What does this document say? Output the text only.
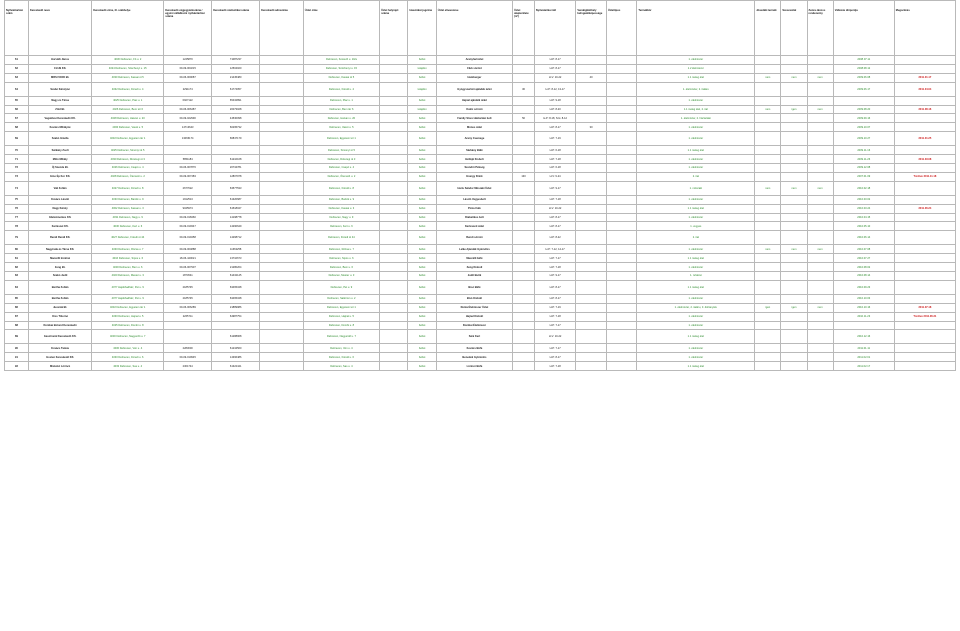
Nyilvántartási szám	Kereskedő neve	Kereskedő címe, ill. székhelye	Kereskedő cégjegyzékszáma / egyéni vállalkozói nyilvántartási száma	Kereskedő statisztikai száma	Kereskedő adószáma	Üzlet címe	Üzlet helyrajzi száma	Használat jogcíme	Üzlet elnevezése	Üzlet alapterülete (m²)	Nyitvatartási idő	Vendéglátóhely befogadóképessége	Üzlettípus	Termékkör	Jövedéki termék	Szeszesital	Zenés-táncos rendezvény	Változás időpontja	Megszűnés
61	Horváth János	4030 Debrecen, Fő u. 2	1245870	71087237		Debrecen, Kossuth u. 10/a		bérlet	Aranyhal üzlet		H-P: 8-17			1. élelmiszer				2008.07.11	
62	CLUB Kft.	4024 Debrecen, Széchenyi u. 15	09-09-003215	12504020		Debrecen, Széchenyi u. 15		tulajdon	Club söröző		H-P: 8-17			1.2 élelmiszer				2008.08.12	
63	MRS FOOD Bt.	4030 Debrecen, Kassai út 5	09-06-009087	21445480		Debrecen, Kassai út 5		bérlet	Hamburger		H-V: 10-22	40		1.1 meleg étel	nem	nem	nem	2009.06.08	2011.01.17
64	Szabó Károlyné	4032 Debrecen, Füredi u. 4	2291174	61774057		Debrecen, Füredi u. 4		tulajdon	Gyógyszertári ajándék üzlet	30	H-P: 8-12, 13-17			1. élelmiszer, 2. italáru				2009.06.17	2011.04.04
65	Nagy és Társa	4025 Debrecen, Piac u. 1	0927122	65432891		Debrecen, Piac u. 1		bérlet	Hajnal ajándék üzlet		H-P: 9-18			1. élelmiszer					
66	Zöld Bt.	4026 Debrecen, Bem tér 6	09-06-006487	20073028		Debrecen, Bem tér 6		tulajdon	Kalóz söröző		H-P: 8-20			1.1 meleg étel, 2. ital	nem	igen	nem	2009.08.20	2011.08.16
67	Vegaldusi Kereskedő Kft.	4028 Debrecen, Hatvan u. 20	09-09-022990	44530098		Debrecen, Hatvan u. 20		bérlet	Family Store Háztartási bolt	50	H-P: 8-18, Szo: 8-12			1. élelmiszer, 2. háztartási				2009.09.16	
68	Kovács Mihályné	4030 Debrecen, Vasút u. 5	14713643	60295732		Debrecen, Vasút u. 5		bérlet	Mónus üzlet		H-P: 8-17	30		1. élelmiszer				2009.10.07	
69	Szabó Gizella	4032 Debrecen, Egyetem tér 1	13066174	66847179		Debrecen, Egyetem tér 1		bérlet	Arany Csemege		H-P: 7-19			1. élelmiszer				2009.10.27	2011.01.25
70	Sárkány Zsolt	4025 Debrecen, Simonyi út 5				Debrecen, Simonyi út 5		bérlet	Sárkány Büfé		H-P: 6-18			1.1 meleg étel				2009.11.16	
71	Mihó Mihály	4030 Debrecen, Diószegi út 3	5851184	61210168		Debrecen, Diószegi út 3		bérlet	Hétfejű Kisbolt		H-P: 7-18			1. élelmiszer				2009.11.26	2011.03.08
72	Új Szende Bt.	4026 Debrecen, Csapó u. 4	09-06-007876	20734781		Debrecen, Csapó u. 4		bérlet	Szendrő Pékség		H-P: 6-18			1. élelmiszer				2009.12.08	
73	Gino Ép Kor Kft.	4028 Debrecen, Ótemető u. 2	09-09-007483	12807978		Debrecen, Ótemető u. 2		bérlet	Energy Drink	130	H-V: 9-24			2. ital				2007.01.09	Törölve 2011.11.18
74	Vali Zoltán	4027 Debrecen, Füredi u. 8	2677622	63577533		Debrecen, Füredi u. 8		bérlet	Haris Sándor Műszaki Üzlet		H-P: 9-17			1. műszaki	nem	nem	nem	2010.02.18	
75	Kovács László	4033 Debrecen, Bartók u. 9	1912513	61320687		Debrecen, Bartók u. 9		bérlet	László Vegyesbolt		H-P: 7-18			1. élelmiszer				2010.03.02	
76	Nagy Károly	4002 Debrecen, Kassai u. 3	9045974	61518047		Debrecen, Kassai u. 3		bérlet	Pizza Cafe		H-V: 10-22			1.1 meleg étel				2010.03.24	2011.06.24
77	Gluténmentes Kft.	4031 Debrecen, Nagy u. 9	09-09-018460	14198778		Debrecen, Nagy u. 9		bérlet	Diabetikus bolt		H-P: 8-17			1. élelmiszer				2010.04.15	
78	Kertészet Kft.	4030 Debrecen, Kert u. 6	09-09-019347	14290649		Debrecen, Kert u. 6		bérlet	Kertészeti üzlet		H-P: 8-17			1. vegyes				2010.05.10	
79	Rendi Rendi Kft.	4027 Debrecen, Füredi út 44	09-09-019458	14268712		Debrecen, Füredi út 44		bérlet	Rendi söröző		H-P: 8-22			2. ital				2010.06.14	
80	Nagyrada és Társa Kft.	4030 Debrecen, Rózsa u. 7	09-09-004888	11663258		Debrecen, Rózsa u. 7		bérlet	Lelke Ajándék Gyümölcs		H-P: 7-12, 14-17			1. élelmiszer	nem	nem	nem	2010.07.08	
81	Maczélli Imrétné	4016 Debrecen, Sipos u. 6	18-06-440021	13710673		Debrecen, Sipos u. 6		bérlet	Maczélli büfé		H-P: 7-17			1.1 meleg étel				2010.07.27	
82	Zeng Bt.	4030 Debrecen, Bem u. 6	09-06-007907	21280204		Debrecen, Bem u. 6		bérlet	Zeng Kisbolt		H-P: 7-18			1. élelmiszer				2010.08.02	
83	Szabó Judit	4020 Debrecen, Mester u. 3	1874541	61432145		Debrecen, Mester u. 3		bérlet	Judit Butik		H-P: 9-17			1. ruházat				2010.08.14	
84	Bertha Zoltán	4077 Hajdúhadház, Pet u. 9	2185745	63465348		Debrecen, Pet u. 9		bérlet	Bisó Büfé		H-P: 8-17			1.1 meleg étel				2010.09.23	
85	Bertha Zoltán	4077 Hajdúhadház, Pet u. 9	2185745	63465348		Debrecen, Salétrom u. 2		bérlet	Bisó Kisbolt		H-P: 8-17			1. élelmiszer				2010.10.03	
86	Juventá Bt.	4032 Debrecen, Egyetem tér 1	09-06-006289	21889986		Debrecen, Egyetem tér 1		bérlet	Renta Élelmiszer Üzlet		H-P: 7-19			1. élelmiszer, 2. italáru, 3. dohányáru	igen	igen	nem	2010.10.16	2011.07.18
87	Kiss Tiborné	4030 Debrecen, Hajnal u. 5	2265711	64987754		Debrecen, Hajnal u. 5		bérlet	Hajnal Kisbolt		H-P: 7-18			1. élelmiszer				2010.11.23	Törölve 2011.06.21
88	Dombai Bolond Kereskedő	4025 Debrecen, Dombi u. 8				Debrecen, Dombi u. 8		bérlet	Dombai Élelmiszer		H-P: 7-17			1. élelmiszer					
89	Gasztronál Kereskedő Kft.	4030 Debrecen, Nagyerdő u. 7		61288968		Debrecen, Nagyerdő u. 7		bérlet	Sáni Kert		H-V: 10-22			1.1 meleg étel				2010.12.16	
90	Kovács Tamás	4030 Debrecen, Vén u. 4	2283000	61234560		Debrecen, Vén u. 4		bérlet	Kovács Büfé		H-P: 7-17			1. élelmiszer				2011.01.11	
91	Gosten Kereskedő Kft.	4030 Debrecen, Füredi u. 6	09-09-019945	14396486		Debrecen, Füredi u. 6		bérlet	Benedek Gyümölcs		H-P: 8-17			1. élelmiszer				2011.02.01	
92	Miskolci Lörincz	4033 Debrecen, Sas u. 4	2301744	61322441		Debrecen, Sas u. 4		bérlet	Lörincz Büfé		H-P: 7-18			1.1 meleg étel				2011.02.17	
